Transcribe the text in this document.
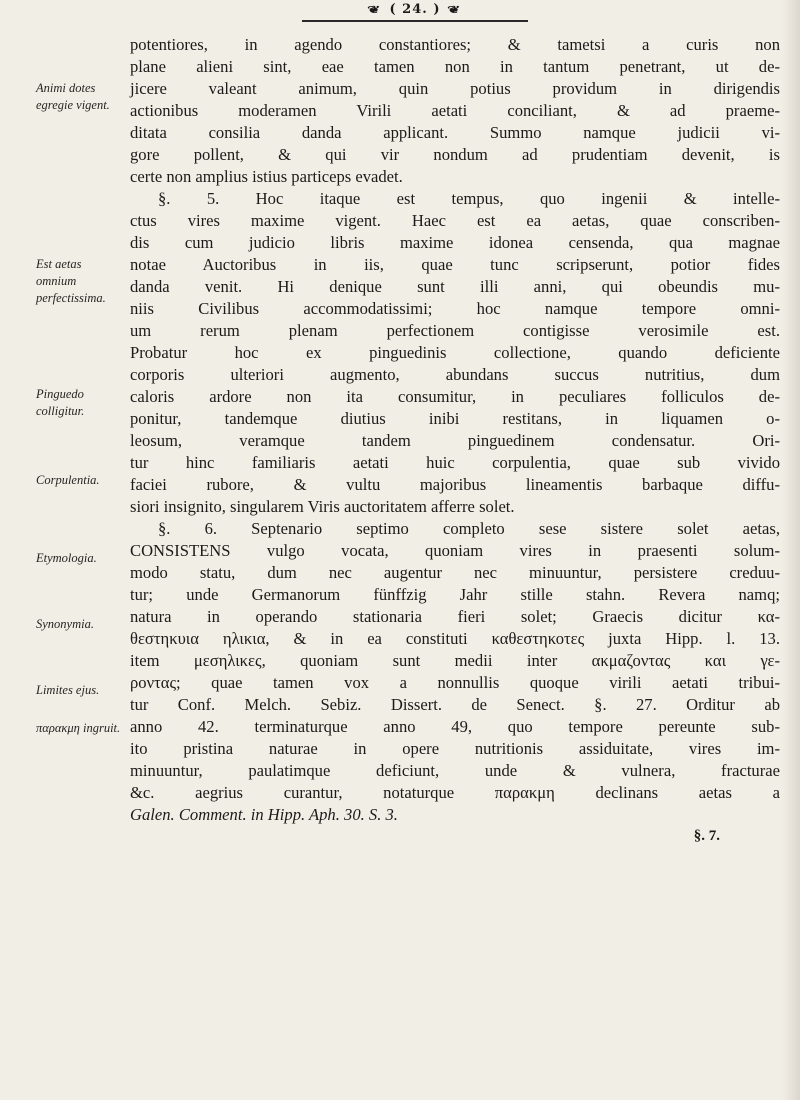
❦ ( 24. ) ❦
Animi dotes egregie vigent.
Est aetas omnium perfectissima.
Pinguedo colligitur.
Corpulentia.
Etymologia.
Synonymia.
Limites ejus.
παρακμη ingruit.
potentiores, in agendo constantiores; & tametsi a curis non
plane alieni sint, eae tamen non in tantum penetrant, ut de-
jicere valeant animum, quin potius providum in dirigendis
actionibus moderamen Virili aetati conciliant, & ad praeme-
ditata consilia danda applicant. Summo namque judicii vi-
gore pollent, & qui vir nondum ad prudentiam devenit, is
certe non amplius istius particeps evadet.
§. 5. Hoc itaque est tempus, quo ingenii & intelle-
ctus vires maxime vigent. Haec est ea aetas, quae conscriben-
dis cum judicio libris maxime idonea censenda, qua magnae
notae Auctoribus in iis, quae tunc scripserunt, potior fides
danda venit. Hi denique sunt illi anni, qui obeundis mu-
niis Civilibus accommodatissimi; hoc namque tempore omni-
um rerum plenam perfectionem contigisse verosimile est.
Probatur hoc ex pinguedinis collectione, quando deficiente
corporis ulteriori augmento, abundans succus nutritius, dum
caloris ardore non ita consumitur, in peculiares folliculos de-
ponitur, tandemque diutius inibi restitans, in liquamen o-
leosum, veramque tandem pinguedinem condensatur. Ori-
tur hinc familiaris aetati huic corpulentia, quae sub vivido
faciei rubore, & vultu majoribus lineamentis barbaque diffu-
siori insignito, singularem Viris auctoritatem afferre solet.
§. 6. Septenario septimo completo sese sistere solet aetas,
CONSISTENS vulgo vocata, quoniam vires in praesenti solum-
modo statu, dum nec augentur nec minuuntur, persistere creduu-
tur; unde Germanorum fünffzig Jahr stille stahn. Revera namq;
natura in operando stationaria fieri solet; Graecis dicitur κα-
θεστηκυια ηλικια, & in ea constituti καθεστηκοτες juxta Hipp. l. 13.
item μεσηλικες, quoniam sunt medii inter ακμαζοντας και γε-
ροντας; quae tamen vox a nonnullis quoque virili aetati tribui-
tur Conf. Melch. Sebiz. Dissert. de Senect. §. 27. Orditur ab
anno 42. terminaturque anno 49, quo tempore pereunte sub-
ito pristina naturae in opere nutritionis assiduitate, vires im-
minuuntur, paulatimque deficiunt, unde & vulnera, fracturae
&c. aegrius curantur, notaturque παρακμη declinans aetas a
Galen. Comment. in Hipp. Aph. 30. S. 3.
§. 7.
